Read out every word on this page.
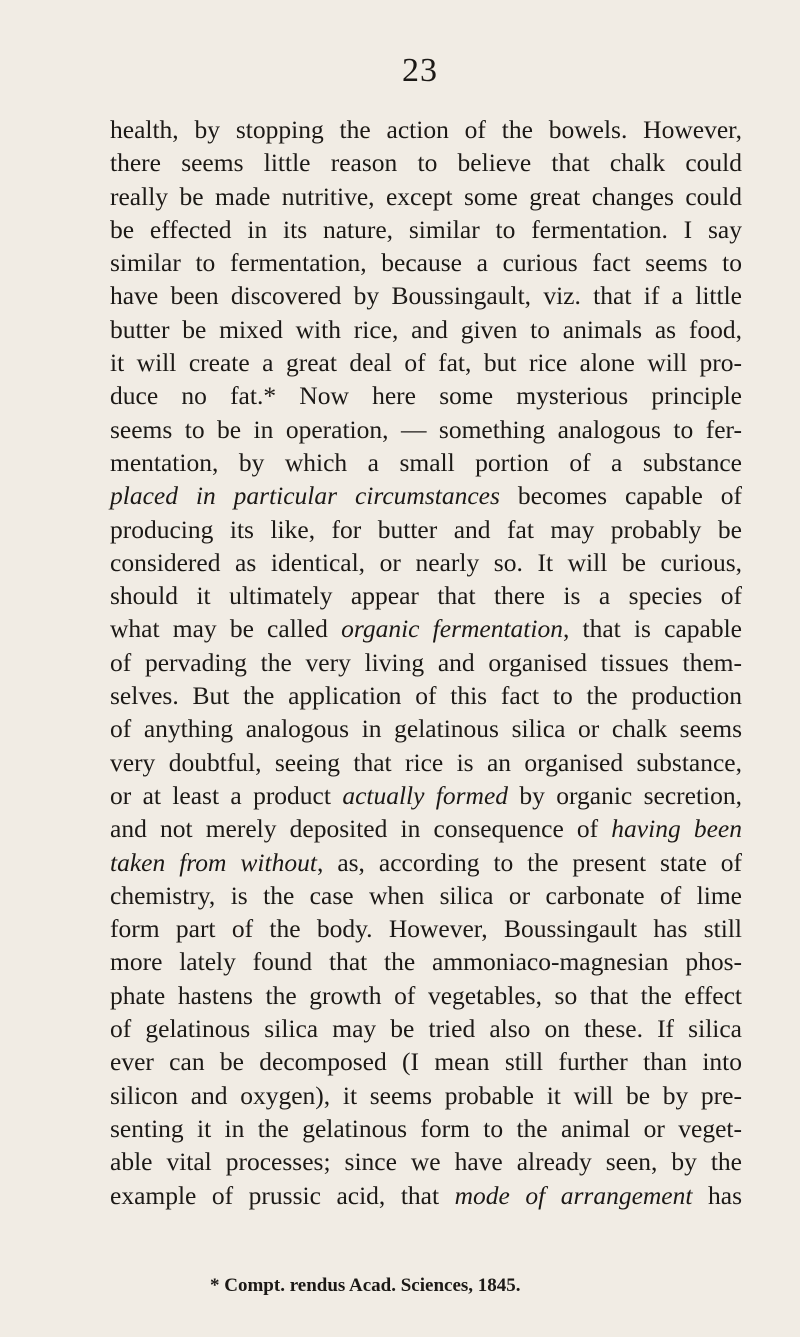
23
health, by stopping the action of the bowels. However,
there seems little reason to believe that chalk could
really be made nutritive, except some great changes could
be effected in its nature, similar to fermentation. I say
similar to fermentation, because a curious fact seems to
have been discovered by Boussingault, viz. that if a little
butter be mixed with rice, and given to animals as food,
it will create a great deal of fat, but rice alone will pro-
duce no fat.* Now here some mysterious principle
seems to be in operation, — something analogous to fer-
mentation, by which a small portion of a substance
placed in particular circumstances becomes capable of
producing its like, for butter and fat may probably be
considered as identical, or nearly so. It will be curious,
should it ultimately appear that there is a species of
what may be called organic fermentation, that is capable
of pervading the very living and organised tissues them-
selves. But the application of this fact to the production
of anything analogous in gelatinous silica or chalk seems
very doubtful, seeing that rice is an organised substance,
or at least a product actually formed by organic secretion,
and not merely deposited in consequence of having been
taken from without, as, according to the present state of
chemistry, is the case when silica or carbonate of lime
form part of the body. However, Boussingault has still
more lately found that the ammoniaco-magnesian phos-
phate hastens the growth of vegetables, so that the effect
of gelatinous silica may be tried also on these. If silica
ever can be decomposed (I mean still further than into
silicon and oxygen), it seems probable it will be by pre-
senting it in the gelatinous form to the animal or veget-
able vital processes; since we have already seen, by the
example of prussic acid, that mode of arrangement has
* Compt. rendus Acad. Sciences, 1845.
